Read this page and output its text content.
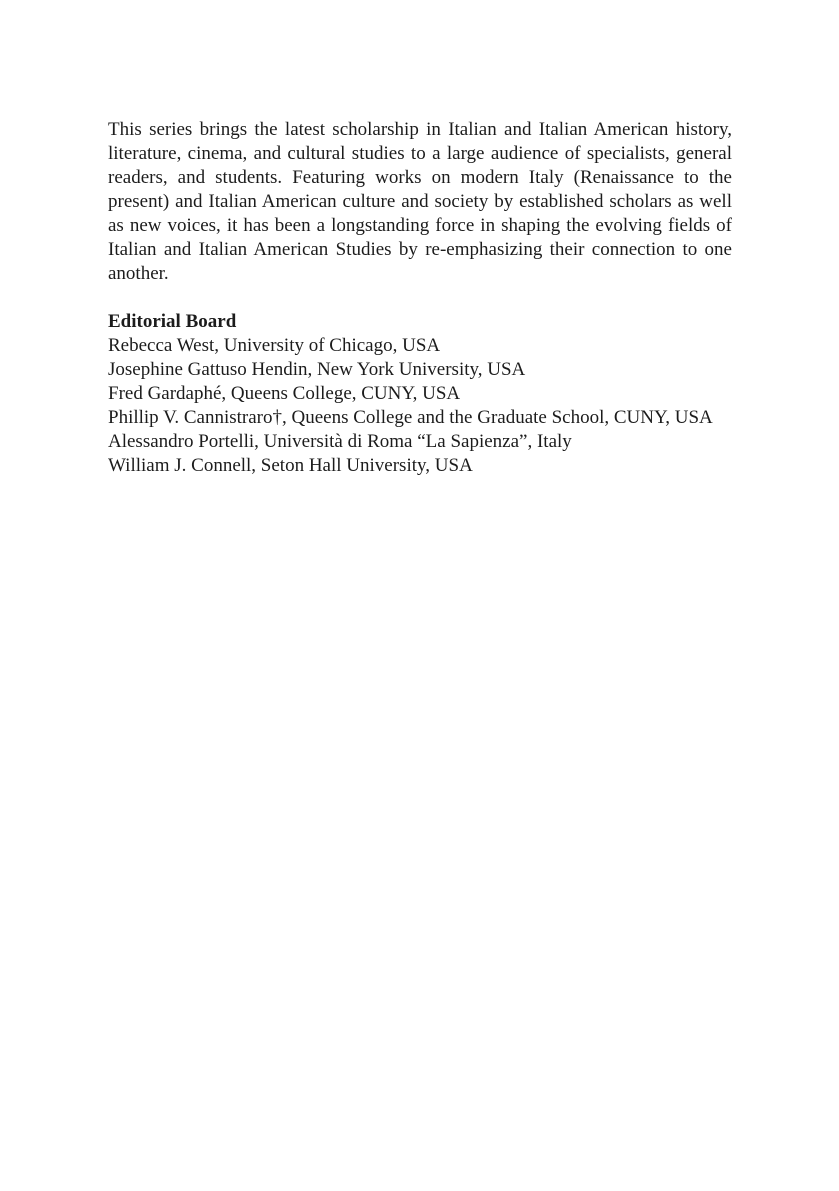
This series brings the latest scholarship in Italian and Italian American history, literature, cinema, and cultural studies to a large audience of specialists, general readers, and students. Featuring works on modern Italy (Renaissance to the present) and Italian American culture and society by established scholars as well as new voices, it has been a longstanding force in shaping the evolving fields of Italian and Italian American Studies by re-emphasizing their connection to one another.

Editorial Board
Rebecca West, University of Chicago, USA
Josephine Gattuso Hendin, New York University, USA
Fred Gardaphé, Queens College, CUNY, USA
Phillip V. Cannistraro†, Queens College and the Graduate School, CUNY, USA
Alessandro Portelli, Università di Roma “La Sapienza”, Italy
William J. Connell, Seton Hall University, USA
